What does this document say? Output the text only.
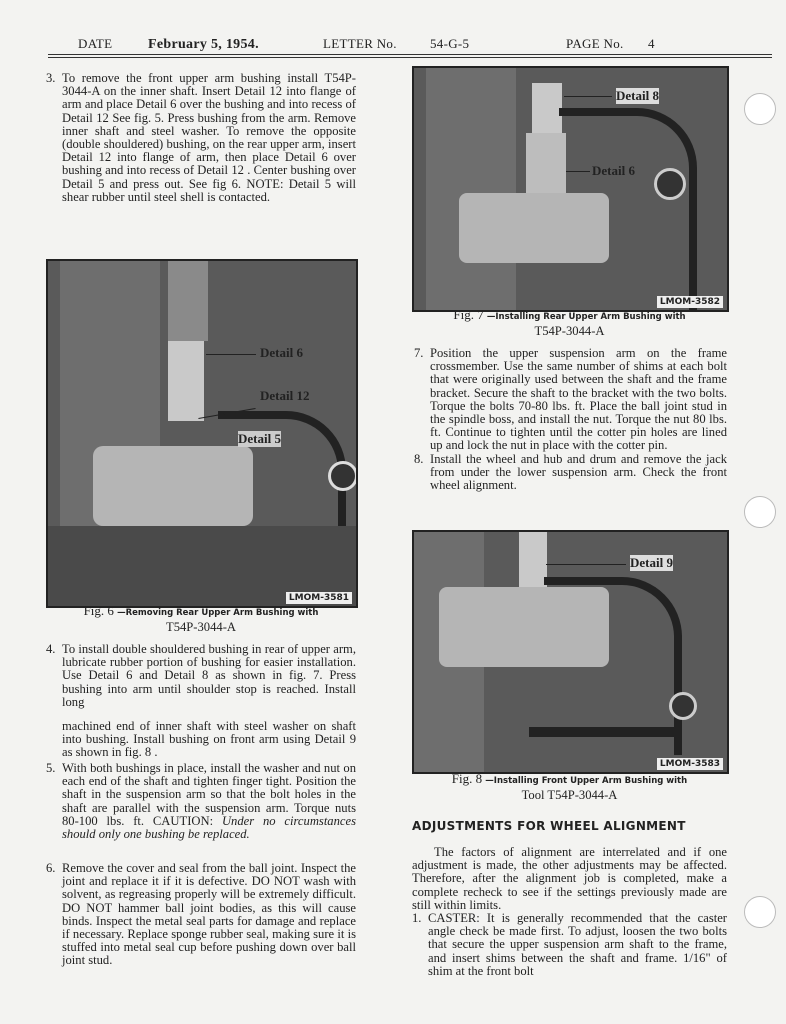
DATE	February 5, 1954.	LETTER No.	54-G-5	PAGE No. 4

3. To remove the front upper arm bushing install T54P-3044-A on the inner shaft. Insert Detail 12 into flange of arm and place Detail 6 over the bushing and into recess of Detail 12 See fig. 5. Press bushing from the arm. Remove inner shaft and steel washer. To remove the opposite (double shouldered) bushing, on the rear upper arm, insert Detail 12 into flange of arm, then place Detail 6 over bushing and into recess of Detail 12 . Center bushing over Detail 5 and press out. See fig 6. NOTE: Detail 5 will shear rubber until steel shell is contacted.

Detail 6
Detail 12
Detail 5
LMOM-3581
Fig. 6 —Removing Rear Upper Arm Bushing with
T54P-3044-A

4. To install double shouldered bushing in rear of upper arm, lubricate rubber portion of bushing for easier installation. Use Detail 6 and Detail 8 as shown in fig. 7. Press bushing into arm until shoulder stop is reached. Install long

machined end of inner shaft with steel washer on shaft into bushing. Install bushing on front arm using Detail 9 as shown in fig. 8 .

5. With both bushings in place, install the washer and nut on each end of the shaft and tighten finger tight. Position the shaft in the suspension arm so that the bolt holes in the shaft are parallel with the suspension arm. Torque nuts 80-100 lbs. ft. CAUTION: Under no circumstances should only one bushing be replaced.

6. Remove the cover and seal from the ball joint. Inspect the joint and replace it if it is defective. DO NOT wash with solvent, as regreasing properly will be extremely difficult. DO NOT hammer ball joint bodies, as this will cause binds. Inspect the metal seal parts for damage and replace if necessary. Replace sponge rubber seal, making sure it is stuffed into metal seal cup before pushing down over ball joint stud.

Detail 8
Detail 6
LMOM-3582
Fig. 7 —Installing Rear Upper Arm Bushing with
T54P-3044-A

7. Position the upper suspension arm on the frame crossmember. Use the same number of shims at each bolt that were originally used between the shaft and the frame bracket. Secure the shaft to the bracket with the two bolts. Torque the bolts 70-80 lbs. ft. Place the ball joint stud in the spindle boss, and install the nut. Torque the nut 80 lbs. ft. Continue to tighten until the cotter pin holes are lined up and lock the nut in place with the cotter pin.

8. Install the wheel and hub and drum and remove the jack from under the lower suspension arm. Check the front wheel alignment.

Detail 9
LMOM-3583
Fig. 8 —Installing Front Upper Arm Bushing with
Tool T54P-3044-A
ADJUSTMENTS FOR WHEEL ALIGNMENT

The factors of alignment are interrelated and if one adjustment is made, the other adjustments may be affected. Therefore, after the alignment job is completed, make a complete recheck to see if the settings previously made are still within limits.

1. CASTER: It is generally recommended that the caster angle check be made first. To adjust, loosen the two bolts that secure the upper suspension arm shaft to the frame, and insert shims between the shaft and frame. 1/16" of shim at the front bolt
